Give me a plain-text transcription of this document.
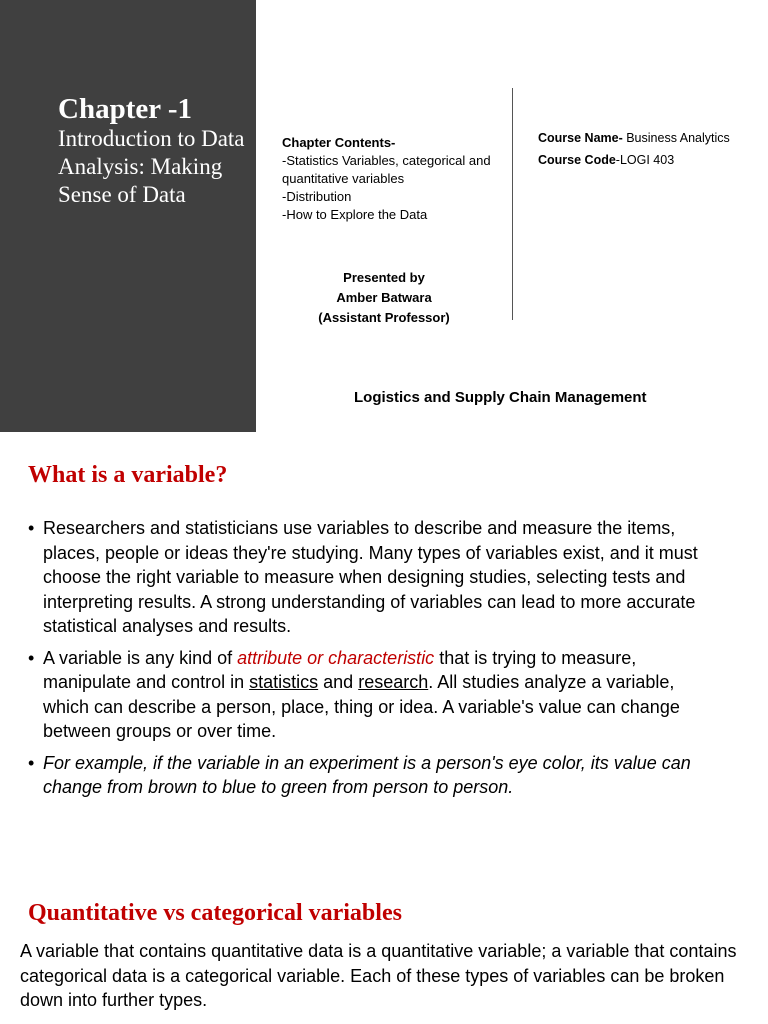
Chapter -1

Introduction to Data Analysis: Making Sense of Data

Chapter Contents-
-Statistics Variables, categorical and quantitative variables
-Distribution
-How to Explore the Data
Presented by
Amber Batwara
(Assistant Professor)
Course Name- Business Analytics
Course Code-LOGI 403
Logistics and Supply Chain Management
What is a variable?
• Researchers and statisticians use variables to describe and measure the items, places, people or ideas they're studying. Many types of variables exist, and it must choose the right variable to measure when designing studies, selecting tests and interpreting results. A strong understanding of variables can lead to more accurate statistical analyses and results.
• A variable is any kind of attribute or characteristic that is trying to measure, manipulate and control in statistics and research. All studies analyze a variable, which can describe a person, place, thing or idea. A variable's value can change between groups or over time.
• For example, if the variable in an experiment is a person's eye color, its value can change from brown to blue to green from person to person.
Quantitative vs categorical variables

A variable that contains quantitative data is a quantitative variable; a variable that contains categorical data is a categorical variable. Each of these types of variables can be broken down into further types.
